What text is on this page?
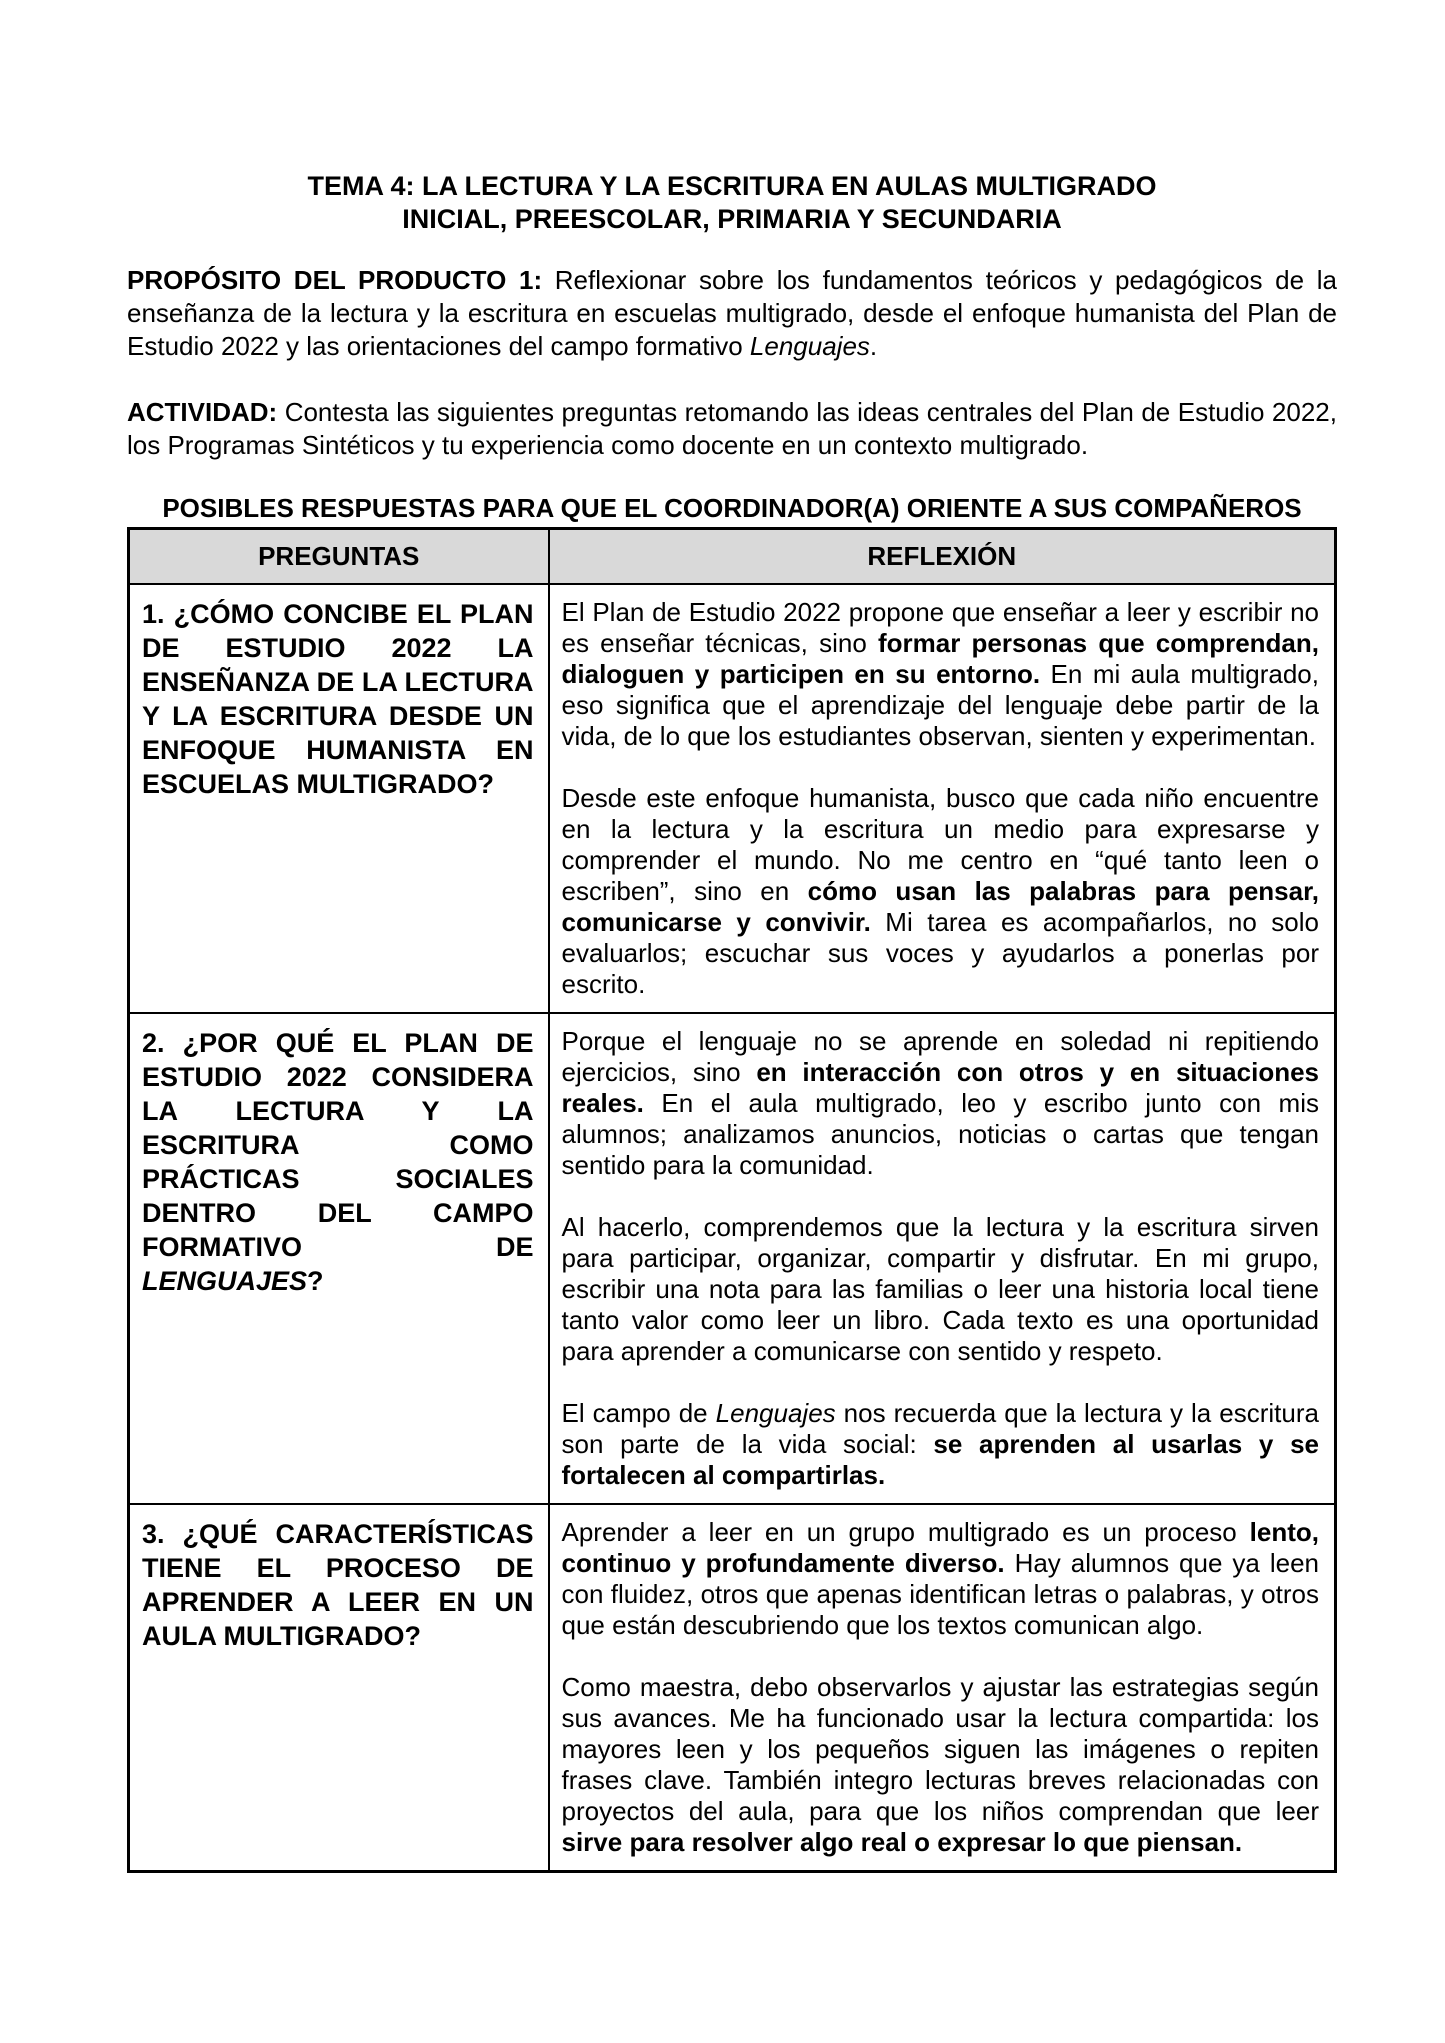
TEMA 4: LA LECTURA Y LA ESCRITURA EN AULAS MULTIGRADO
INICIAL, PREESCOLAR, PRIMARIA Y SECUNDARIA

PROPÓSITO DEL PRODUCTO 1: Reflexionar sobre los fundamentos teóricos y pedagógicos de la enseñanza de la lectura y la escritura en escuelas multigrado, desde el enfoque humanista del Plan de Estudio 2022 y las orientaciones del campo formativo Lenguajes.

ACTIVIDAD: Contesta las siguientes preguntas retomando las ideas centrales del Plan de Estudio 2022, los Programas Sintéticos y tu experiencia como docente en un contexto multigrado.

POSIBLES RESPUESTAS PARA QUE EL COORDINADOR(A) ORIENTE A SUS COMPAÑEROS

PREGUNTAS	REFLEXIÓN

1. ¿CÓMO CONCIBE EL PLAN DE ESTUDIO 2022 LA ENSEÑANZA DE LA LECTURA Y LA ESCRITURA DESDE UN ENFOQUE HUMANISTA EN ESCUELAS MULTIGRADO?	El Plan de Estudio 2022 propone que enseñar a leer y escribir no es enseñar técnicas, sino formar personas que comprendan, dialoguen y participen en su entorno. En mi aula multigrado, eso significa que el aprendizaje del lenguaje debe partir de la vida, de lo que los estudiantes observan, sienten y experimentan.

Desde este enfoque humanista, busco que cada niño encuentre en la lectura y la escritura un medio para expresarse y comprender el mundo. No me centro en “qué tanto leen o escriben”, sino en cómo usan las palabras para pensar, comunicarse y convivir. Mi tarea es acompañarlos, no solo evaluarlos; escuchar sus voces y ayudarlos a ponerlas por escrito.

2. ¿POR QUÉ EL PLAN DE ESTUDIO 2022 CONSIDERA LA LECTURA Y LA ESCRITURA COMO PRÁCTICAS SOCIALES DENTRO DEL CAMPO FORMATIVO DE LENGUAJES?	Porque el lenguaje no se aprende en soledad ni repitiendo ejercicios, sino en interacción con otros y en situaciones reales. En el aula multigrado, leo y escribo junto con mis alumnos; analizamos anuncios, noticias o cartas que tengan sentido para la comunidad.

Al hacerlo, comprendemos que la lectura y la escritura sirven para participar, organizar, compartir y disfrutar. En mi grupo, escribir una nota para las familias o leer una historia local tiene tanto valor como leer un libro. Cada texto es una oportunidad para aprender a comunicarse con sentido y respeto.

El campo de Lenguajes nos recuerda que la lectura y la escritura son parte de la vida social: se aprenden al usarlas y se fortalecen al compartirlas.

3. ¿QUÉ CARACTERÍSTICAS TIENE EL PROCESO DE APRENDER A LEER EN UN AULA MULTIGRADO?	Aprender a leer en un grupo multigrado es un proceso lento, continuo y profundamente diverso. Hay alumnos que ya leen con fluidez, otros que apenas identifican letras o palabras, y otros que están descubriendo que los textos comunican algo.

Como maestra, debo observarlos y ajustar las estrategias según sus avances. Me ha funcionado usar la lectura compartida: los mayores leen y los pequeños siguen las imágenes o repiten frases clave. También integro lecturas breves relacionadas con proyectos del aula, para que los niños comprendan que leer sirve para resolver algo real o expresar lo que piensan.
